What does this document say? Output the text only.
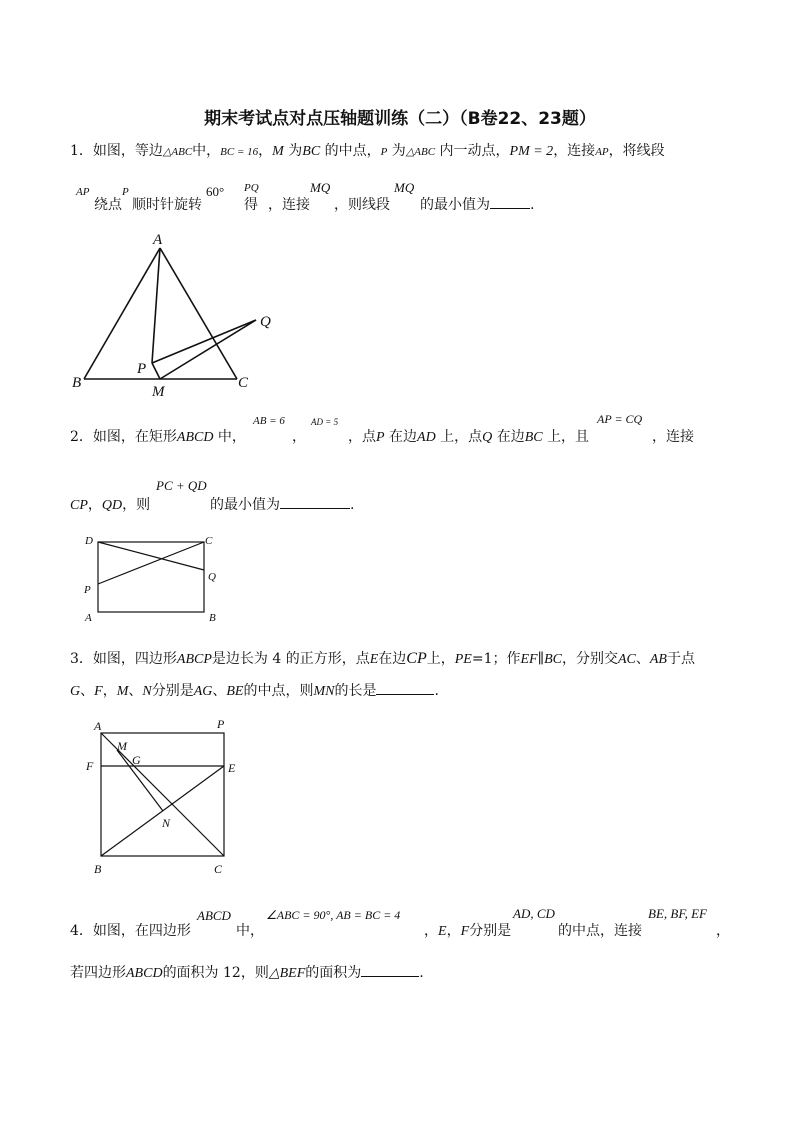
期末考试点对点压轴题训练（二）（B卷22、23题）
1．如图，等边△ABC中，BC = 16，M 为BC 的中点，P 为△ABC 内一动点，PM = 2，连接AP，将线段
AP
绕点
P
顺时针旋转
60°
得
PQ
，连接
MQ
，则线段
MQ
的最小值为	.
2．如图，在矩形ABCD 中，
AB = 6
，
AD = 5
，点P 在边AD 上，点Q 在边BC 上，且
AP = CQ
，连接
CP，QD，则
PC + QD
的最小值为	.
3．如图，四边形ABCP是边长为 4 的正方形，点E在边CP上，PE=1；作EF∥BC，分别交AC、AB于点
G、F，M、N分别是AG、BE的中点，则MN的长是	.
4．如图，在四边形
ABCD
中，
∠ABC = 90°, AB = BC = 4
，E，F分别是
AD, CD
的中点，连接
BE, BF, EF
，
若四边形ABCD的面积为 12，则△BEF的面积为	.
A
B	C
P
Q
M
D	C
P
Q
A	B
A	P
M
G
F	E
N
B	C
